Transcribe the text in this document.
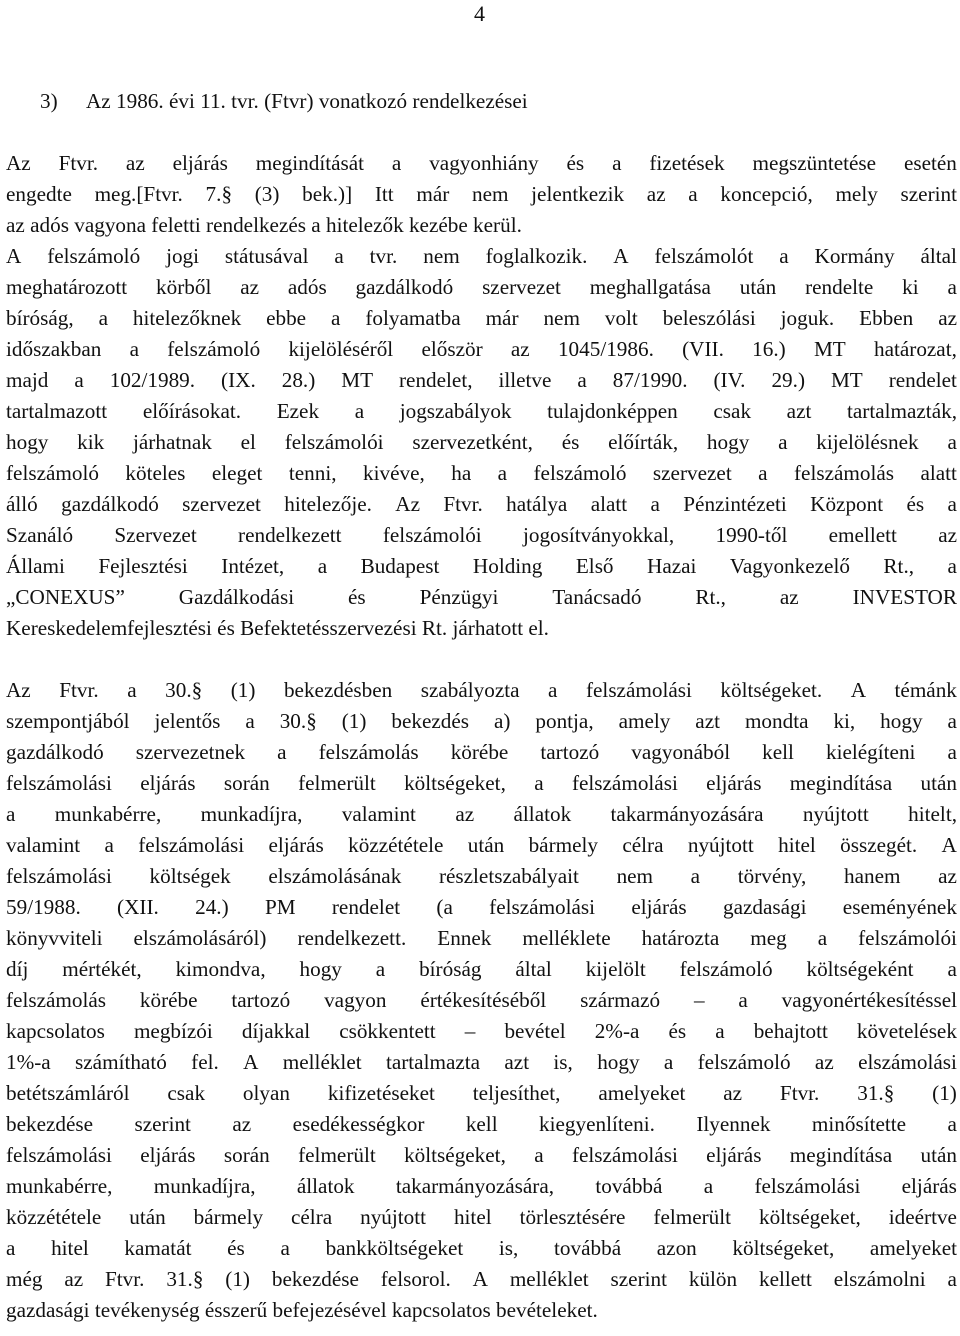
4
3) Az 1986. évi 11. tvr. (Ftvr) vonatkozó rendelkezései
Az Ftvr. az eljárás megindítását a vagyonhiány és a fizetések megszüntetése esetén
engedte meg.[Ftvr. 7.§ (3) bek.)] Itt már nem jelentkezik az a koncepció, mely szerint
az adós vagyona feletti rendelkezés a hitelezők kezébe kerül.
A felszámoló jogi státusával a tvr. nem foglalkozik. A felszámolót a Kormány által
meghatározott körből az adós gazdálkodó szervezet meghallgatása után rendelte ki a
bíróság, a hitelezőknek ebbe a folyamatba már nem volt beleszólási joguk. Ebben az
időszakban a felszámoló kijelöléséről először az 1045/1986. (VII. 16.) MT határozat,
majd a 102/1989. (IX. 28.) MT rendelet, illetve a 87/1990. (IV. 29.) MT rendelet
tartalmazott előírásokat. Ezek a jogszabályok tulajdonképpen csak azt tartalmazták,
hogy kik járhatnak el felszámolói szervezetként, és előírták, hogy a kijelölésnek a
felszámoló köteles eleget tenni, kivéve, ha a felszámoló szervezet a felszámolás alatt
álló gazdálkodó szervezet hitelezője. Az Ftvr. hatálya alatt a Pénzintézeti Központ és a
Szanáló Szervezet rendelkezett felszámolói jogosítványokkal, 1990-től emellett az
Állami Fejlesztési Intézet, a Budapest Holding Első Hazai Vagyonkezelő Rt., a
„CONEXUS”	Gazdálkodási	és	Pénzügyi	Tanácsadó	Rt.,	az	INVESTOR
Kereskedelemfejlesztési és Befektetésszervezési Rt. járhatott el.
Az Ftvr. a 30.§ (1) bekezdésben szabályozta a felszámolási költségeket. A témánk
szempontjából jelentős a 30.§ (1) bekezdés a) pontja, amely azt mondta ki, hogy a
gazdálkodó szervezetnek a felszámolás körébe tartozó vagyonából kell kielégíteni a
felszámolási eljárás során felmerült költségeket, a felszámolási eljárás megindítása után
a munkabérre, munkadíjra, valamint az állatok takarmányozására nyújtott hitelt,
valamint a felszámolási eljárás közzététele után bármely célra nyújtott hitel összegét. A
felszámolási költségek elszámolásának részletszabályait nem a törvény, hanem az
59/1988. (XII. 24.) PM rendelet (a felszámolási eljárás gazdasági eseményének
könyvviteli elszámolásáról) rendelkezett. Ennek melléklete határozta meg a felszámolói
díj mértékét, kimondva, hogy a bíróság által kijelölt felszámoló költségeként a
felszámolás körébe tartozó vagyon értékesítéséből származó – a vagyonértékesítéssel
kapcsolatos megbízói díjakkal csökkentett – bevétel 2%-a és a behajtott követelések
1%-a számítható fel. A melléklet tartalmazta azt is, hogy a felszámoló az elszámolási
betétszámláról csak olyan kifizetéseket teljesíthet, amelyeket az Ftvr. 31.§ (1)
bekezdése szerint az esedékességkor kell kiegyenlíteni. Ilyennek minősítette a
felszámolási eljárás során felmerült költségeket, a felszámolási eljárás megindítása után
munkabérre, munkadíjra, állatok takarmányozására, továbbá a felszámolási eljárás
közzététele után bármely célra nyújtott hitel törlesztésére felmerült költségeket, ideértve
a hitel kamatát és a bankköltségeket is, továbbá azon költségeket, amelyeket
még az Ftvr. 31.§ (1) bekezdése felsorol. A melléklet szerint külön kellett elszámolni a
gazdasági tevékenység ésszerű befejezésével kapcsolatos bevételeket.
